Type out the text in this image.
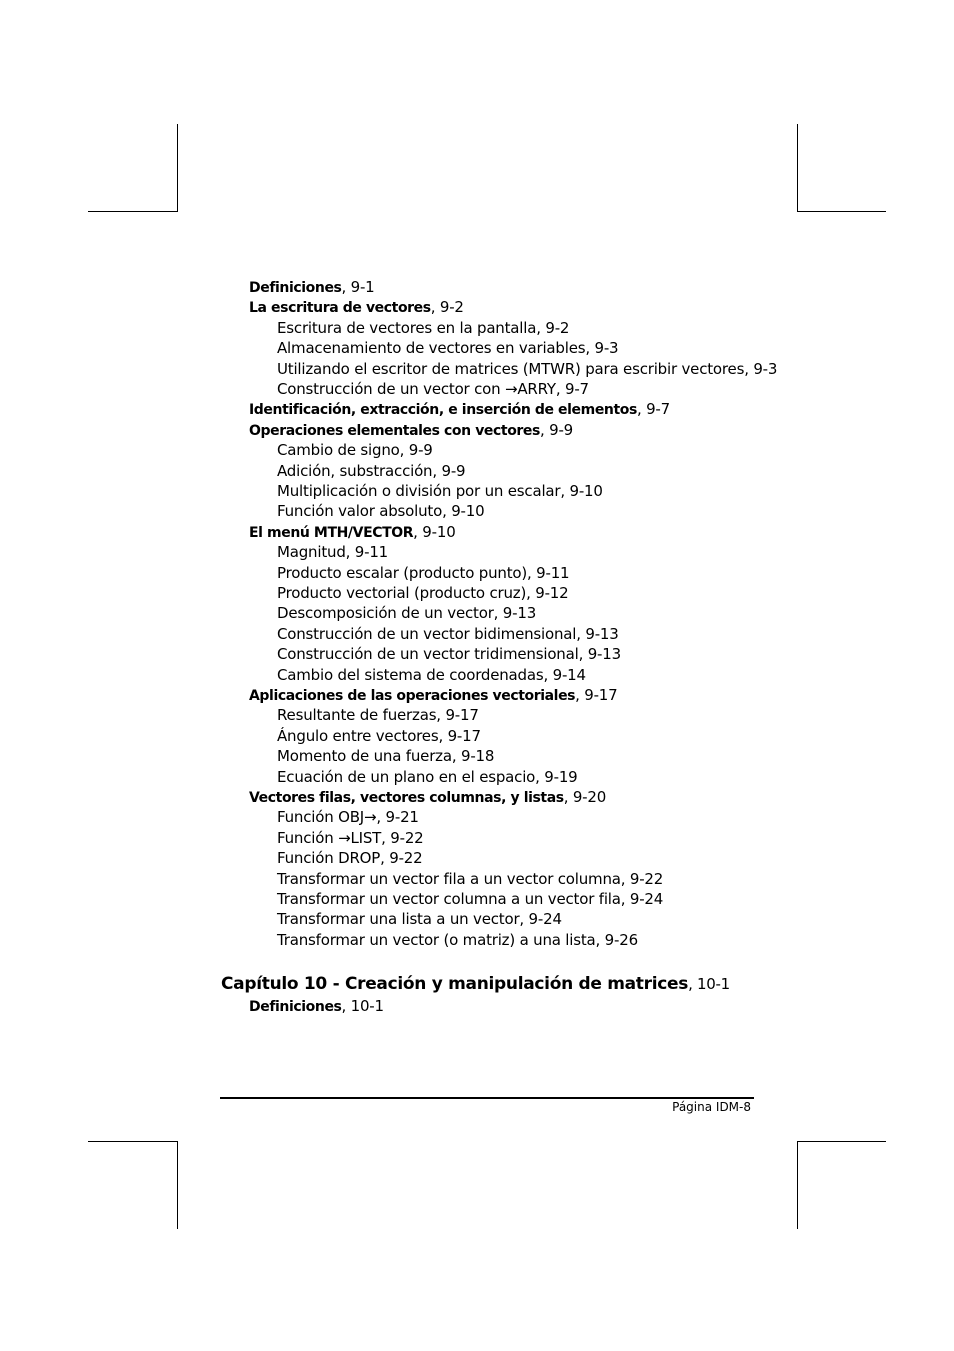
Definiciones, 9-1
La escritura de vectores, 9-2
Escritura de vectores en la pantalla, 9-2
Almacenamiento de vectores en variables, 9-3
Utilizando el escritor de matrices (MTWR) para escribir vectores, 9-3
Construcción de un vector con →ARRY, 9-7
Identificación, extracción, e inserción de elementos, 9-7
Operaciones elementales con vectores, 9-9
Cambio de signo, 9-9
Adición, substracción, 9-9
Multiplicación o división por un escalar, 9-10
Función valor absoluto, 9-10
El menú MTH/VECTOR, 9-10
Magnitud, 9-11
Producto escalar (producto punto), 9-11
Producto vectorial (producto cruz), 9-12
Descomposición de un vector, 9-13
Construcción de un vector bidimensional, 9-13
Construcción de un vector tridimensional, 9-13
Cambio del sistema de coordenadas, 9-14
Aplicaciones de las operaciones vectoriales, 9-17
Resultante de fuerzas, 9-17
Ángulo entre vectores, 9-17
Momento de una fuerza, 9-18
Ecuación de un plano en el espacio, 9-19
Vectores filas, vectores columnas, y listas, 9-20
Función OBJ→, 9-21
Función →LIST, 9-22
Función DROP, 9-22
Transformar un vector fila a un vector columna, 9-22
Transformar un vector columna a un vector fila, 9-24
Transformar una lista a un vector, 9-24
Transformar un vector (o matriz) a una lista, 9-26
Capítulo 10 - Creación y manipulación de matrices, 10-1
Definiciones, 10-1
Página IDM-8
